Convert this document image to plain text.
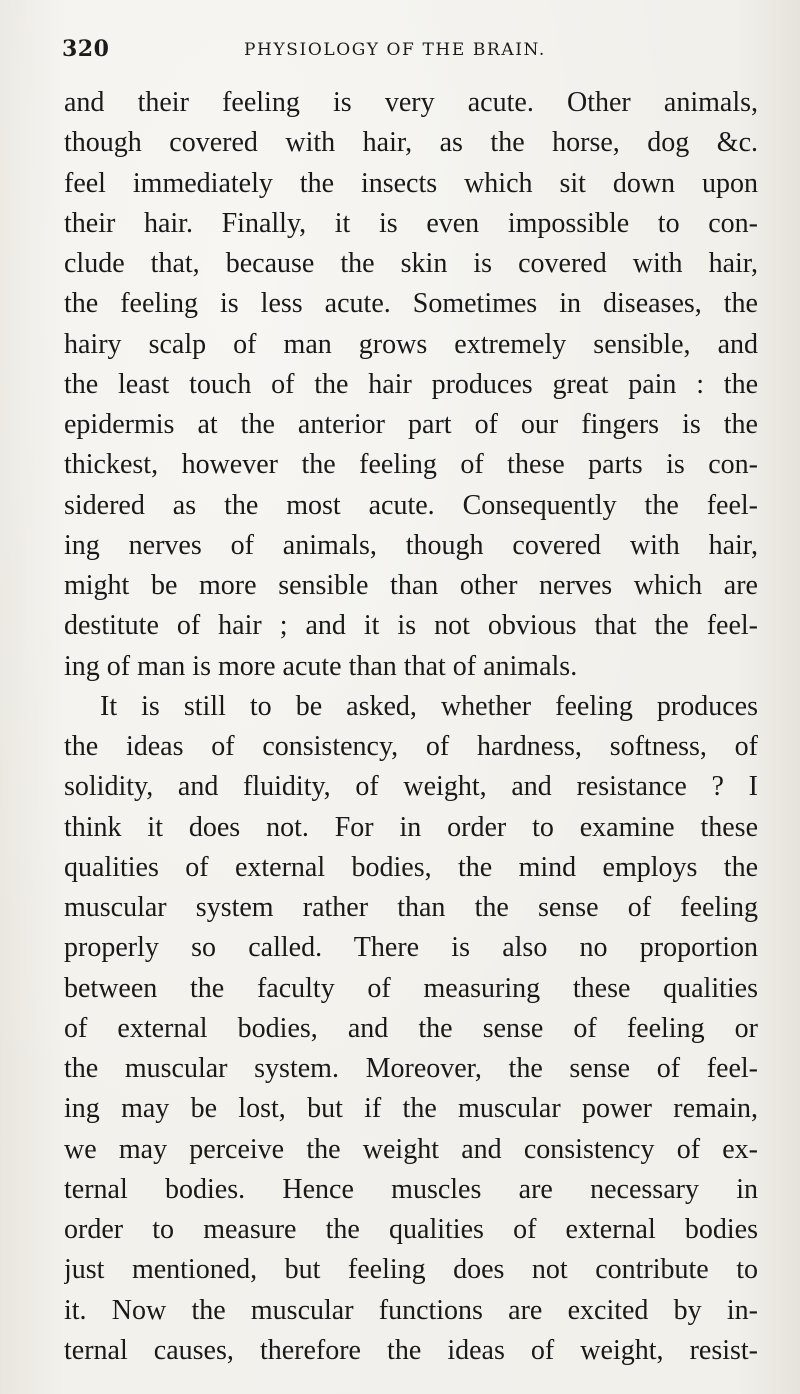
320	PHYSIOLOGY OF THE BRAIN.
and their feeling is very acute. Other animals,
though covered with hair, as the horse, dog &c.
feel immediately the insects which sit down upon
their hair. Finally, it is even impossible to con-
clude that, because the skin is covered with hair,
the feeling is less acute. Sometimes in diseases, the
hairy scalp of man grows extremely sensible, and
the least touch of the hair produces great pain : the
epidermis at the anterior part of our fingers is the
thickest, however the feeling of these parts is con-
sidered as the most acute. Consequently the feel-
ing nerves of animals, though covered with hair,
might be more sensible than other nerves which are
destitute of hair ; and it is not obvious that the feel-
ing of man is more acute than that of animals.
It is still to be asked, whether feeling produces
the ideas of consistency, of hardness, softness, of
solidity, and fluidity, of weight, and resistance ? I
think it does not. For in order to examine these
qualities of external bodies, the mind employs the
muscular system rather than the sense of feeling
properly so called. There is also no proportion
between the faculty of measuring these qualities
of external bodies, and the sense of feeling or
the muscular system. Moreover, the sense of feel-
ing may be lost, but if the muscular power remain,
we may perceive the weight and consistency of ex-
ternal bodies. Hence muscles are necessary in
order to measure the qualities of external bodies
just mentioned, but feeling does not contribute to
it. Now the muscular functions are excited by in-
ternal causes, therefore the ideas of weight, resist-
